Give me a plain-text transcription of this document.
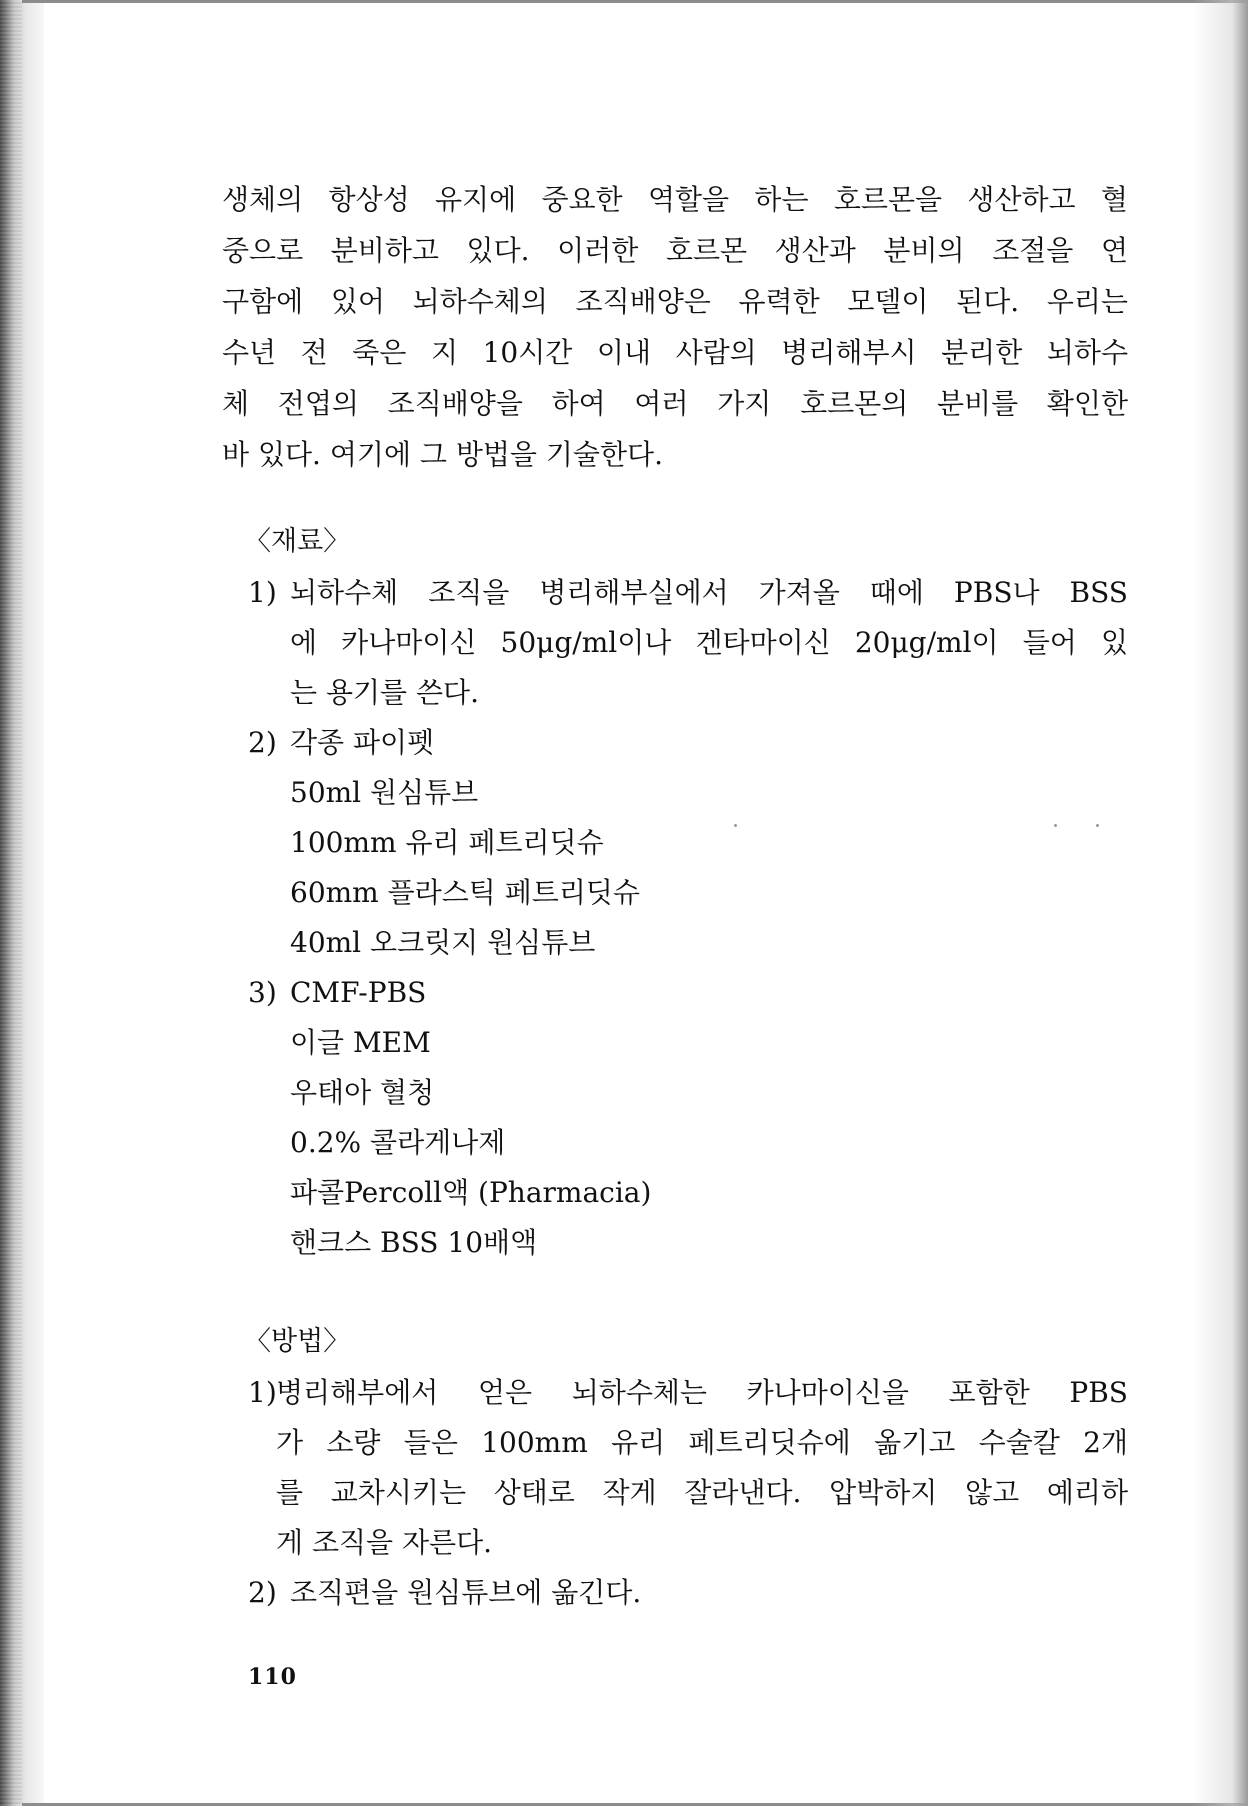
생체의 항상성 유지에 중요한 역할을 하는 호르몬을 생산하고 혈
중으로 분비하고 있다. 이러한 호르몬 생산과 분비의 조절을 연
구함에 있어 뇌하수체의 조직배양은 유력한 모델이 된다. 우리는
수년 전 죽은 지 10시간 이내 사람의 병리해부시 분리한 뇌하수
체 전엽의 조직배양을 하여 여러 가지 호르몬의 분비를 확인한
바 있다. 여기에 그 방법을 기술한다.

〈재료〉
1) 뇌하수체 조직을 병리해부실에서 가져올 때에 PBS나 BSS
에 카나마이신 50μg/ml이나 겐타마이신 20μg/ml이 들어 있
는 용기를 쓴다.
2) 각종 파이펫
50ml 원심튜브
100mm 유리 페트리딧슈
60mm 플라스틱 페트리딧슈
40ml 오크릿지 원심튜브
3) CMF-PBS
이글 MEM
우태아 혈청
0.2% 콜라게나제
파콜Percoll액 (Pharmacia)
핸크스 BSS 10배액
〈방법〉
1) 병리해부에서 얻은 뇌하수체는 카나마이신을 포함한 PBS
가 소량 들은 100mm 유리 페트리딧슈에 옮기고 수술칼 2개
를 교차시키는 상태로 작게 잘라낸다. 압박하지 않고 예리하
게 조직을 자른다.
2) 조직편을 원심튜브에 옮긴다.
110
